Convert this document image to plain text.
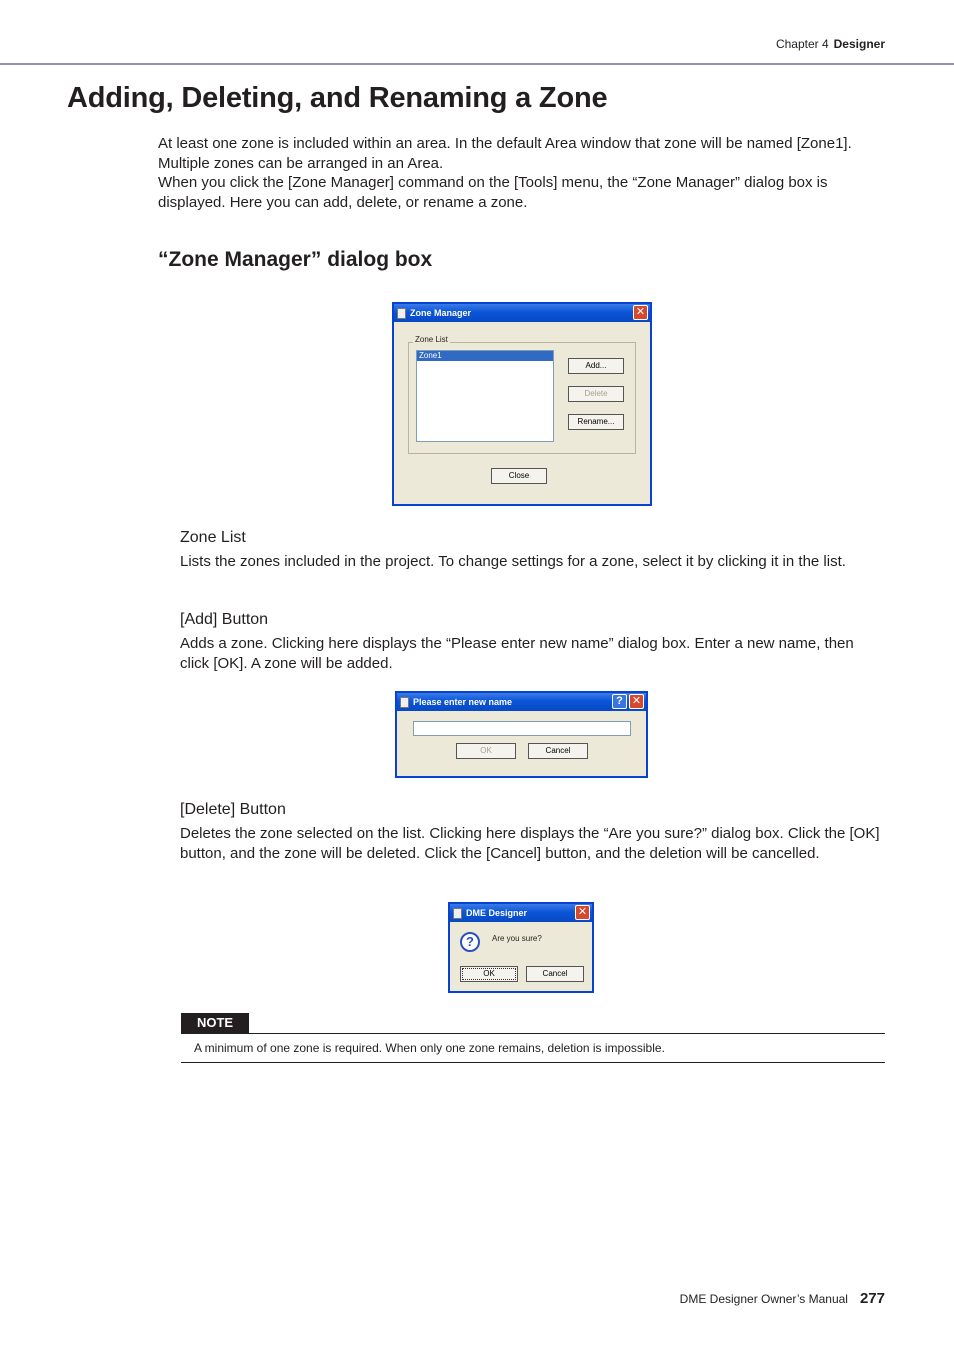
Chapter 4 Designer
Adding, Deleting, and Renaming a Zone

At least one zone is included within an area. In the default Area window that zone will be named [Zone1]. Multiple zones can be arranged in an Area.

When you click the [Zone Manager] command on the [Tools] menu, the “Zone Manager” dialog box is displayed. Here you can add, delete, or rename a zone.

“Zone Manager” dialog box
Zone Manager	✕
Zone List
Zone1
Add...
Delete
Rename...
Close
Zone List
Lists the zones included in the project. To change settings for a zone, select it by clicking it in the list.
[Add] Button
Adds a zone. Clicking here displays the “Please enter new name” dialog box. Enter a new name, then click [OK]. A zone will be added.
Please enter new name	? ✕
OK	Cancel
[Delete] Button
Deletes the zone selected on the list. Clicking here displays the “Are you sure?” dialog box. Click the [OK] button, and the zone will be deleted. Click the [Cancel] button, and the deletion will be cancelled.
DME Designer	✕
?	Are you sure?
OK	Cancel
NOTE
A minimum of one zone is required. When only one zone remains, deletion is impossible.
DME Designer Owner’s Manual 277
